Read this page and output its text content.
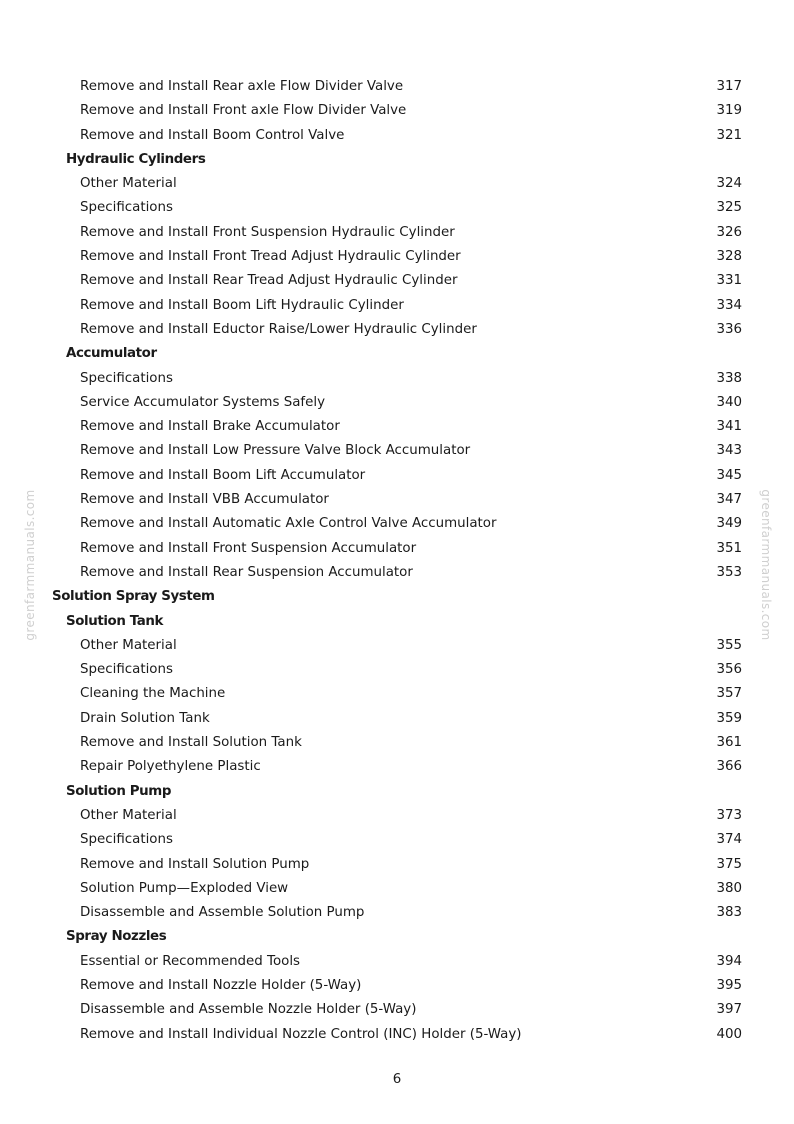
greenfarmmanuals.com	greenfarmmanuals.com
Remove and Install Rear axle Flow Divider Valve	317
Remove and Install Front axle Flow Divider Valve	319
Remove and Install Boom Control Valve	321
Hydraulic Cylinders
Other Material	324
Specifications	325
Remove and Install Front Suspension Hydraulic Cylinder	326
Remove and Install Front Tread Adjust Hydraulic Cylinder	328
Remove and Install Rear Tread Adjust Hydraulic Cylinder	331
Remove and Install Boom Lift Hydraulic Cylinder	334
Remove and Install Eductor Raise/Lower Hydraulic Cylinder	336
Accumulator
Specifications	338
Service Accumulator Systems Safely	340
Remove and Install Brake Accumulator	341
Remove and Install Low Pressure Valve Block Accumulator	343
Remove and Install Boom Lift Accumulator	345
Remove and Install VBB Accumulator	347
Remove and Install Automatic Axle Control Valve Accumulator	349
Remove and Install Front Suspension Accumulator	351
Remove and Install Rear Suspension Accumulator	353
Solution Spray System
Solution Tank
Other Material	355
Specifications	356
Cleaning the Machine	357
Drain Solution Tank	359
Remove and Install Solution Tank	361
Repair Polyethylene Plastic	366
Solution Pump
Other Material	373
Specifications	374
Remove and Install Solution Pump	375
Solution Pump—Exploded View	380
Disassemble and Assemble Solution Pump	383
Spray Nozzles
Essential or Recommended Tools	394
Remove and Install Nozzle Holder (5-Way)	395
Disassemble and Assemble Nozzle Holder (5-Way)	397
Remove and Install Individual Nozzle Control (INC) Holder (5-Way)	400
6
